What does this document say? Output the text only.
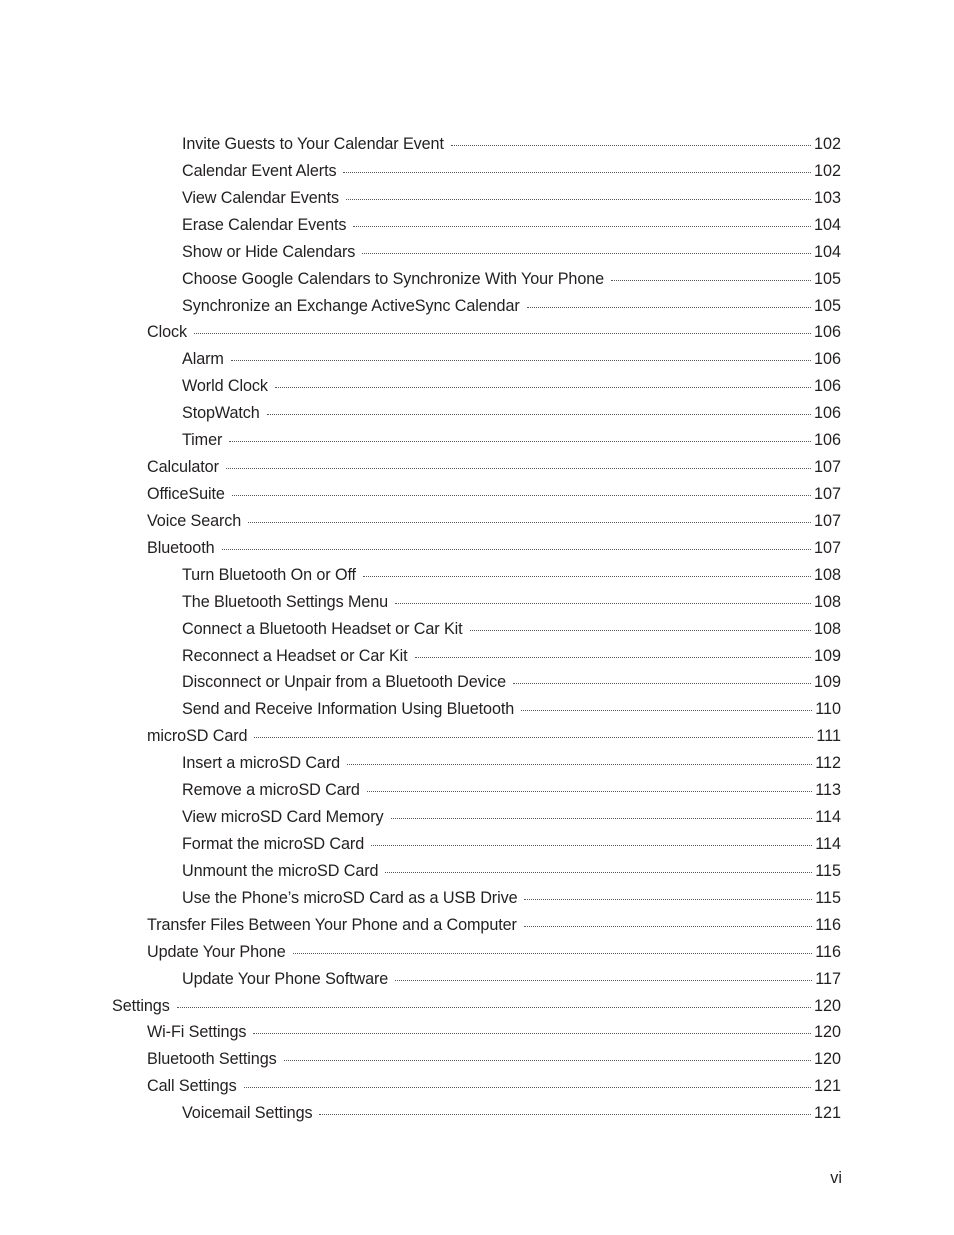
Invite Guests to Your Calendar Event	102
Calendar Event Alerts	102
View Calendar Events	103
Erase Calendar Events	104
Show or Hide Calendars	104
Choose Google Calendars to Synchronize With Your Phone	105
Synchronize an Exchange ActiveSync Calendar	105
Clock	106
Alarm	106
World Clock	106
StopWatch	106
Timer	106
Calculator	107
OfficeSuite	107
Voice Search	107
Bluetooth	107
Turn Bluetooth On or Off	108
The Bluetooth Settings Menu	108
Connect a Bluetooth Headset or Car Kit	108
Reconnect a Headset or Car Kit	109
Disconnect or Unpair from a Bluetooth Device	109
Send and Receive Information Using Bluetooth	110
microSD Card	111
Insert a microSD Card	112
Remove a microSD Card	113
View microSD Card Memory	114
Format the microSD Card	114
Unmount the microSD Card	115
Use the Phone’s microSD Card as a USB Drive	115
Transfer Files Between Your Phone and a Computer	116
Update Your Phone	116
Update Your Phone Software	117
Settings	120
Wi-Fi Settings	120
Bluetooth Settings	120
Call Settings	121
Voicemail Settings	121
vi
